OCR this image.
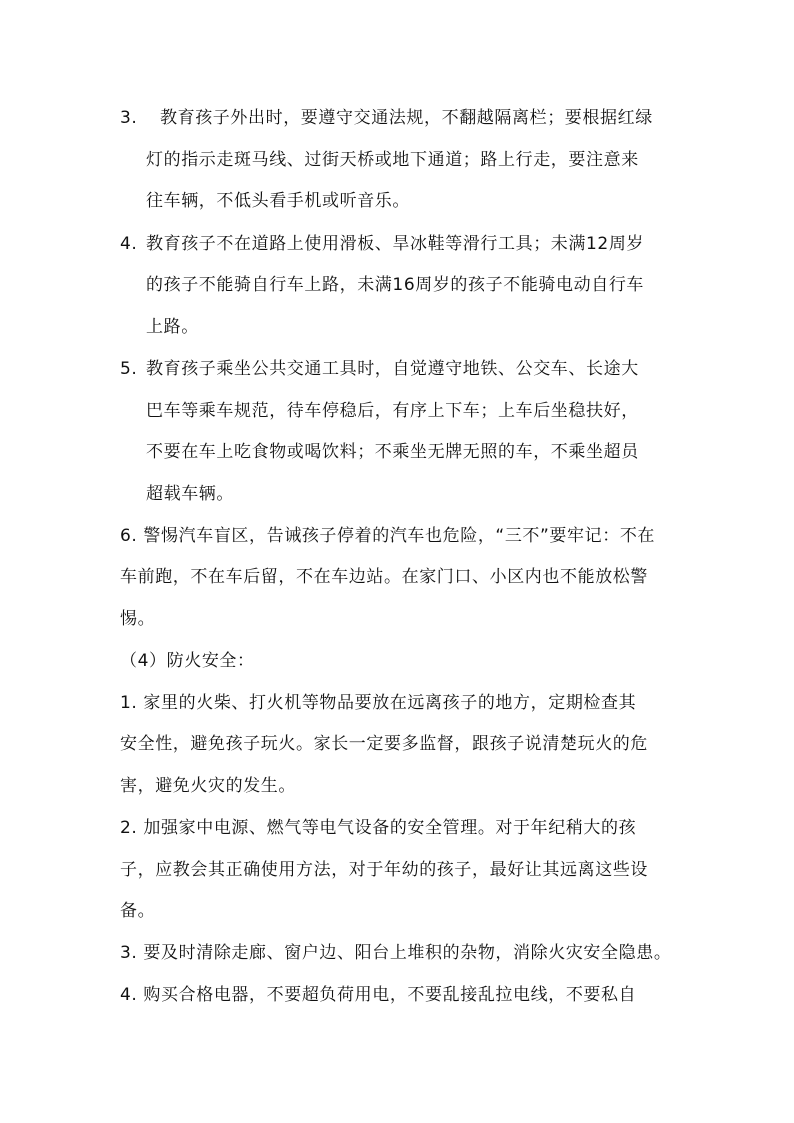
3. 教育孩子外出时，要遵守交通法规，不翻越隔离栏；要根据红绿
灯的指示走斑马线、过街天桥或地下通道；路上行走，要注意来
往车辆，不低头看手机或听音乐。
4. 教育孩子不在道路上使用滑板、旱冰鞋等滑行工具；未满12周岁
的孩子不能骑自行车上路，未满16周岁的孩子不能骑电动自行车
上路。
5. 教育孩子乘坐公共交通工具时，自觉遵守地铁、公交车、长途大
巴车等乘车规范，待车停稳后，有序上下车；上车后坐稳扶好，
不要在车上吃食物或喝饮料；不乘坐无牌无照的车，不乘坐超员
超载车辆。
6. 警惕汽车盲区，告诫孩子停着的汽车也危险，“三不”要牢记：不在
车前跑，不在车后留，不在车边站。在家门口、小区内也不能放松警
惕。
（4）防火安全：
1. 家里的火柴、打火机等物品要放在远离孩子的地方，定期检查其
安全性，避免孩子玩火。家长一定要多监督，跟孩子说清楚玩火的危
害，避免火灾的发生。
2. 加强家中电源、燃气等电气设备的安全管理。对于年纪稍大的孩
子，应教会其正确使用方法，对于年幼的孩子，最好让其远离这些设
备。
3. 要及时清除走廊、窗户边、阳台上堆积的杂物，消除火灾安全隐患。
4. 购买合格电器，不要超负荷用电，不要乱接乱拉电线，不要私自
